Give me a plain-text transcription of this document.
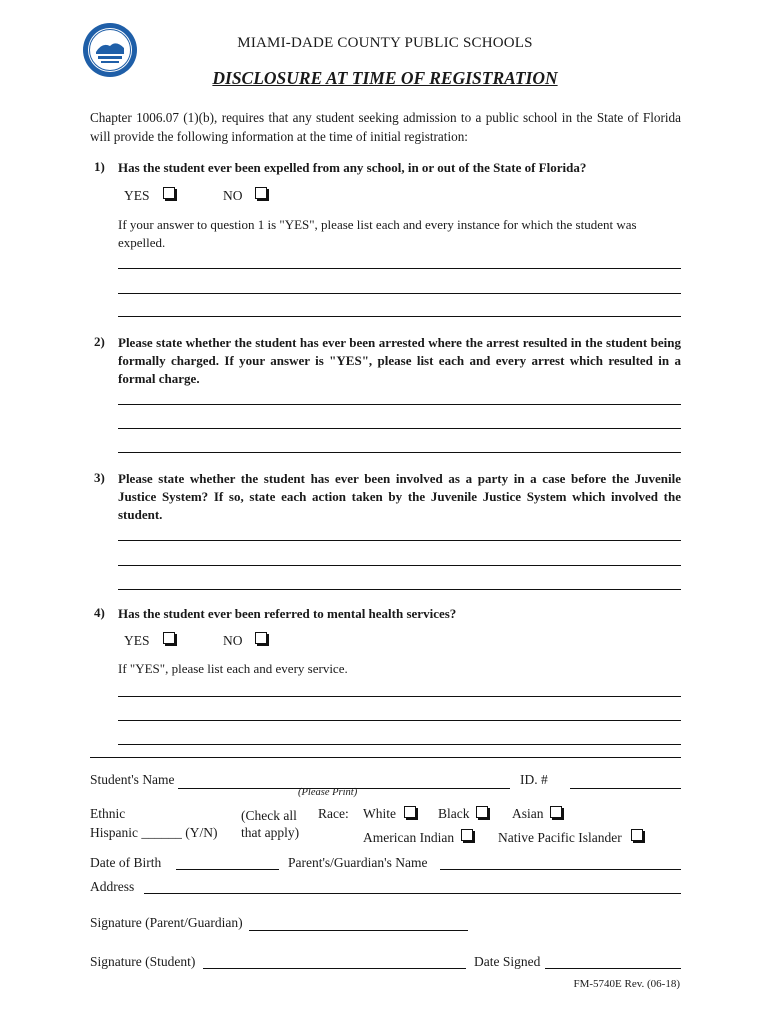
MIAMI-DADE COUNTY PUBLIC SCHOOLS
DISCLOSURE AT TIME OF REGISTRATION
Chapter 1006.07 (1)(b), requires that any student seeking admission to a public school in the State of Florida will provide the following information at the time of initial registration:
1) Has the student ever been expelled from any school, in or out of the State of Florida?
YES	NO
If your answer to question 1 is "YES", please list each and every instance for which the student was expelled.
2) Please state whether the student has ever been arrested where the arrest resulted in the student being formally charged. If your answer is "YES", please list each and every arrest which resulted in a formal charge.
3) Please state whether the student has ever been involved as a party in a case before the Juvenile Justice System? If so, state each action taken by the Juvenile Justice System which involved the student.
4) Has the student ever been referred to mental health services?
YES	NO
If "YES", please list each and every service.
Student's Name
(Please Print)
ID. #
Ethnic
Hispanic ______ (Y/N)
(Check all
that apply)
Race: White	Black	Asian
American Indian	Native Pacific Islander
Date of Birth	Parent's/Guardian's Name
Address
Signature (Parent/Guardian)
Signature (Student)	Date Signed
FM-5740E Rev. (06-18)
